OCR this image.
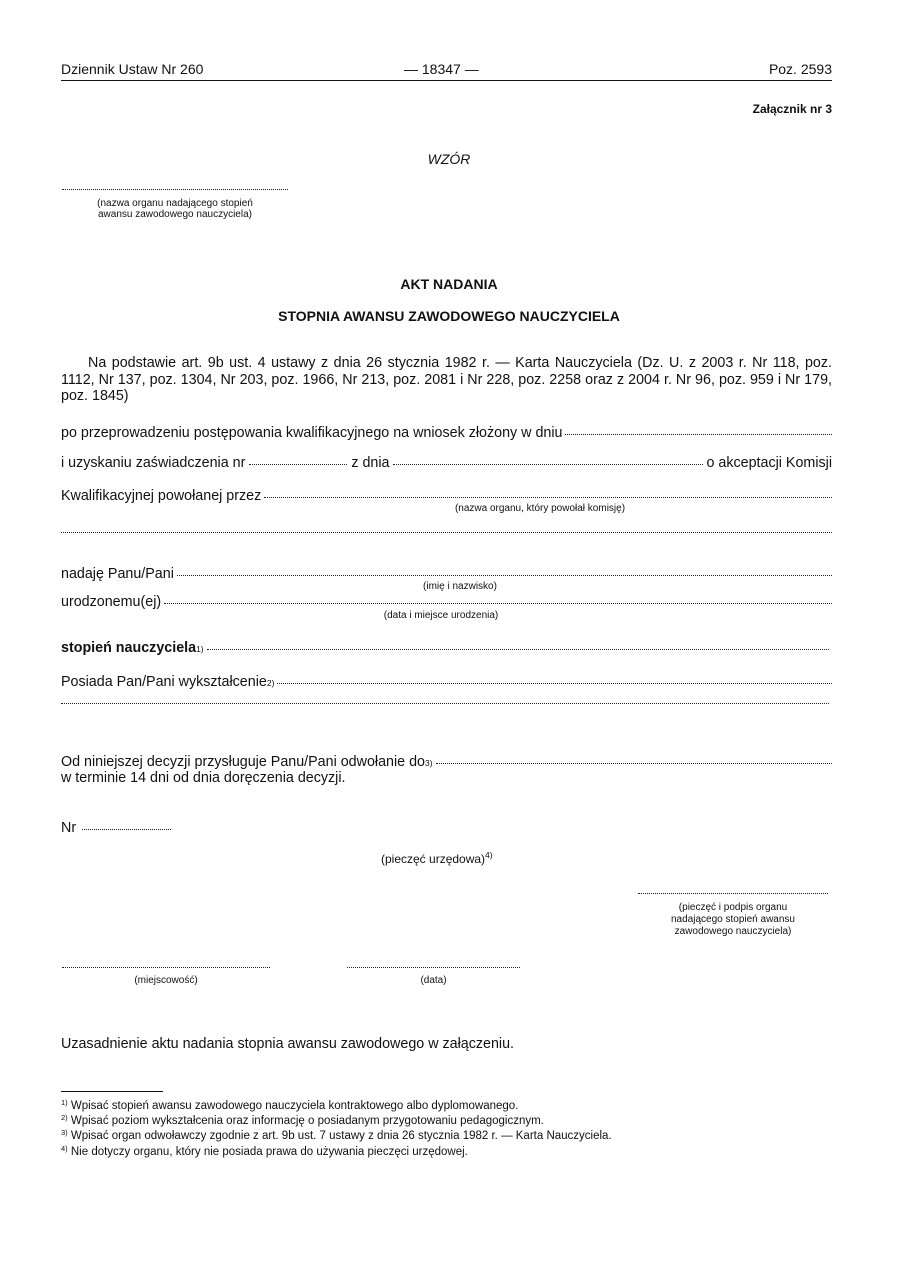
Dziennik Ustaw Nr 260	— 18347 —	Poz. 2593
Załącznik nr 3
WZÓR
(nazwa organu nadającego stopień
awansu zawodowego nauczyciela)
AKT NADANIA
STOPNIA AWANSU ZAWODOWEGO NAUCZYCIELA
Na podstawie art. 9b ust. 4 ustawy z dnia 26 stycznia 1982 r. — Karta Nauczyciela (Dz. U. z 2003 r. Nr 118, poz. 1112, Nr 137, poz. 1304, Nr 203, poz. 1966, Nr 213, poz. 2081 i Nr 228, poz. 2258 oraz z 2004 r. Nr 96, poz. 959 i Nr 179, poz. 1845)
po przeprowadzeniu postępowania kwalifikacyjnego na wniosek złożony w dniu
i uzyskaniu zaświadczenia nr	z dnia	o akceptacji Komisji
Kwalifikacyjnej powołanej przez
(nazwa organu, który powołał komisję)
nadaję Panu/Pani
(imię i nazwisko)
urodzonemu(ej)
(data i miejsce urodzenia)
stopień nauczyciela 1)
Posiada Pan/Pani wykształcenie 2)
Od niniejszej decyzji przysługuje Panu/Pani odwołanie do 3)
w terminie 14 dni od dnia doręczenia decyzji.
Nr
(pieczęć urzędowa)$^{4)}$
(pieczęć i podpis organu
nadającego stopień awansu
zawodowego nauczyciela)
(miejscowość)	(data)
Uzasadnienie aktu nadania stopnia awansu zawodowego w załączeniu.
$^{1)}$ Wpisać stopień awansu zawodowego nauczyciela kontraktowego albo dyplomowanego.
$^{2)}$ Wpisać poziom wykształcenia oraz informację o posiadanym przygotowaniu pedagogicznym.
$^{3)}$ Wpisać organ odwoławczy zgodnie z art. 9b ust. 7 ustawy z dnia 26 stycznia 1982 r. — Karta Nauczyciela.
$^{4)}$ Nie dotyczy organu, który nie posiada prawa do używania pieczęci urzędowej.
